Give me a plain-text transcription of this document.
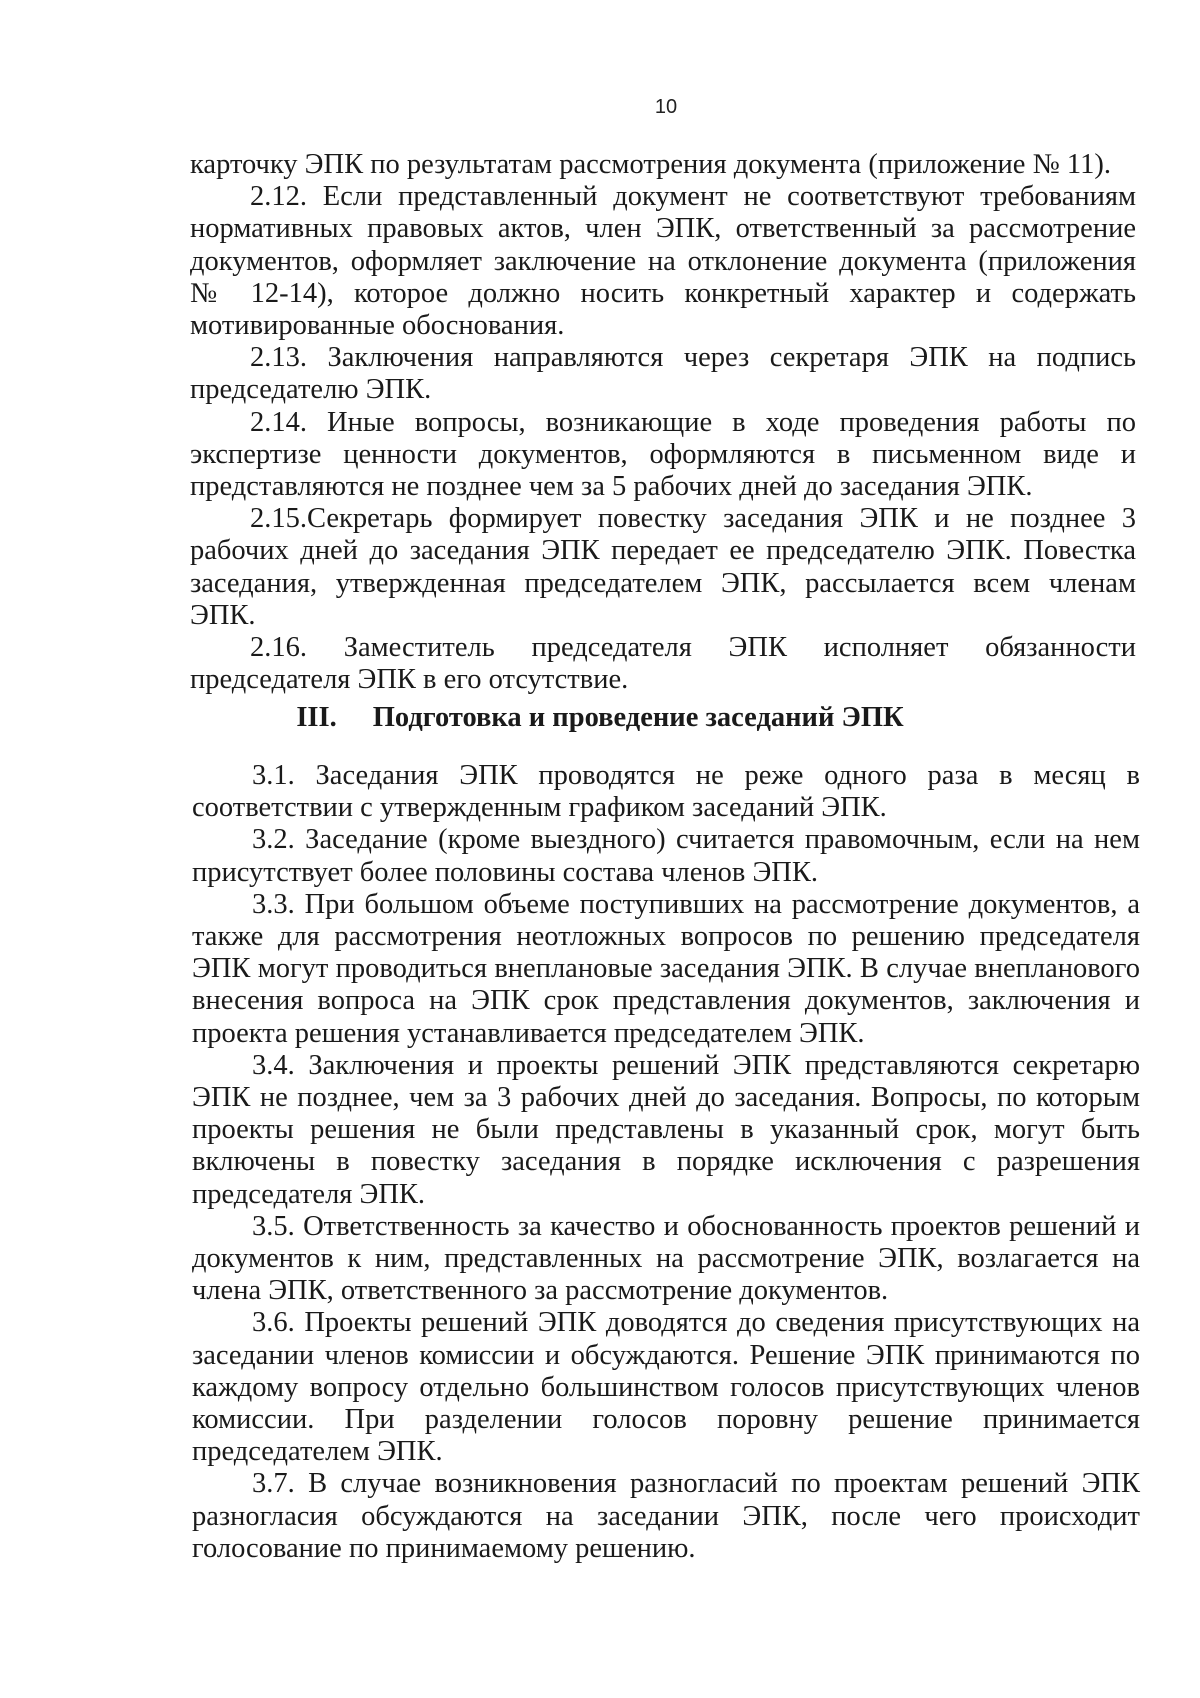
10

карточку ЭПК по результатам рассмотрения документа (приложение № 11).

2.12. Если представленный документ не соответствуют требованиям нормативных правовых актов, член ЭПК, ответственный за рассмотрение документов, оформляет заключение на отклонение документа (приложения № 12-14), которое должно носить конкретный характер и содержать мотивированные обоснования.

2.13. Заключения направляются через секретаря ЭПК на подпись председателю ЭПК.

2.14. Иные вопросы, возникающие в ходе проведения работы по экспертизе ценности документов, оформляются в письменном виде и представляются не позднее чем за 5 рабочих дней до заседания ЭПК.

2.15.Секретарь формирует повестку заседания ЭПК и не позднее 3 рабочих дней до заседания ЭПК передает ее председателю ЭПК. Повестка заседания, утвержденная председателем ЭПК, рассылается всем членам ЭПК.

2.16. Заместитель председателя ЭПК исполняет обязанности председателя ЭПК в его отсутствие.

III. Подготовка и проведение заседаний ЭПК

3.1. Заседания ЭПК проводятся не реже одного раза в месяц в соответствии с утвержденным графиком заседаний ЭПК.

3.2. Заседание (кроме выездного) считается правомочным, если на нем присутствует более половины состава членов ЭПК.

3.3. При большом объеме поступивших на рассмотрение документов, а также для рассмотрения неотложных вопросов по решению председателя ЭПК могут проводиться внеплановые заседания ЭПК. В случае внепланового внесения вопроса на ЭПК срок представления документов, заключения и проекта решения устанавливается председателем ЭПК.

3.4. Заключения и проекты решений ЭПК представляются секретарю ЭПК не позднее, чем за 3 рабочих дней до заседания. Вопросы, по которым проекты решения не были представлены в указанный срок, могут быть включены в повестку заседания в порядке исключения с разрешения председателя ЭПК.

3.5. Ответственность за качество и обоснованность проектов решений и документов к ним, представленных на рассмотрение ЭПК, возлагается на члена ЭПК, ответственного за рассмотрение документов.

3.6. Проекты решений ЭПК доводятся до сведения присутствующих на заседании членов комиссии и обсуждаются. Решение ЭПК принимаются по каждому вопросу отдельно большинством голосов присутствующих членов комиссии. При разделении голосов поровну решение принимается председателем ЭПК.

3.7. В случае возникновения разногласий по проектам решений ЭПК разногласия обсуждаются на заседании ЭПК, после чего происходит голосование по принимаемому решению.
